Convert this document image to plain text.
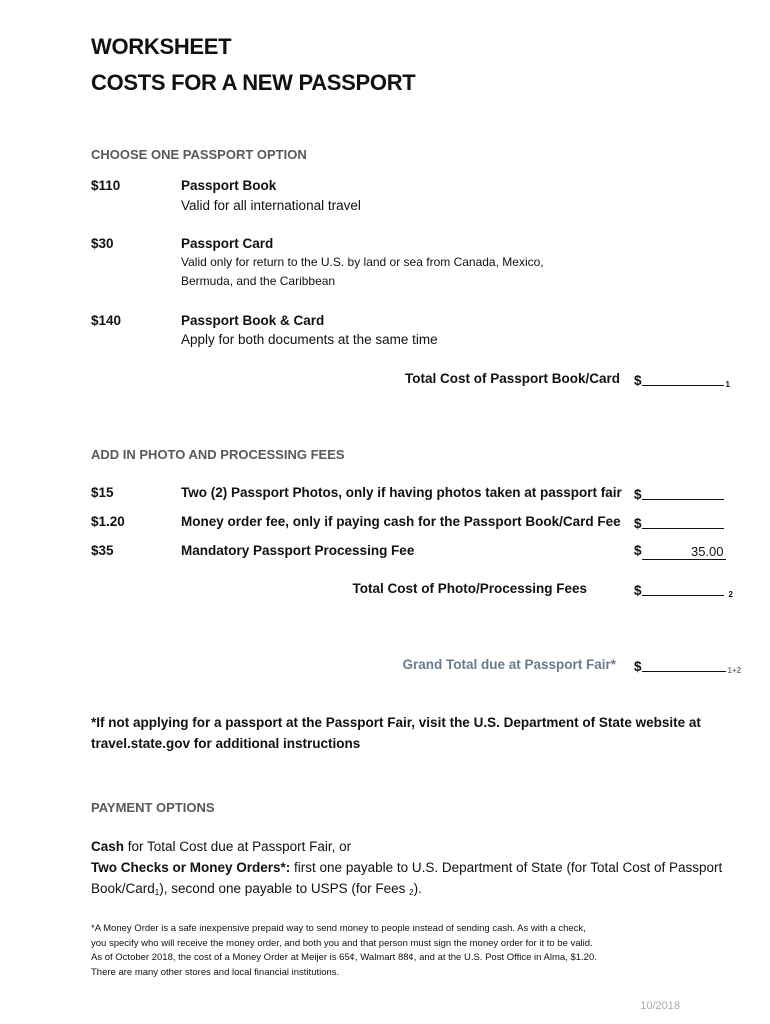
WORKSHEET
COSTS FOR A NEW PASSPORT
CHOOSE ONE PASSPORT OPTION
$110	Passport Book
Valid for all international travel
$30	Passport Card
Valid only for return to the U.S. by land or sea from Canada, Mexico,
Bermuda, and the Caribbean
$140	Passport Book & Card
Apply for both documents at the same time
Total Cost of Passport Book/Card $	$_1$
ADD IN PHOTO AND PROCESSING FEES
$15	Two (2) Passport Photos, only if having photos taken at passport fair $
$1.20	Money order fee, only if paying cash for the Passport Book/Card Fee $
$35	Mandatory Passport Processing Fee	$	35.00
Total Cost of Photo/Processing Fees	$	$_2$
Grand Total due at Passport Fair* $	$_{1+2}$
*If not applying for a passport at the Passport Fair, visit the U.S. Department of State website at
travel.state.gov for additional instructions
PAYMENT OPTIONS
Cash for Total Cost due at Passport Fair, or
Two Checks or Money Orders*: first one payable to U.S. Department of State (for Total Cost of Passport
Book/Card1), second one payable to USPS (for Fees 2).
*A Money Order is a safe inexpensive prepaid way to send money to people instead of sending cash. As with a check,
you specify who will receive the money order, and both you and that person must sign the money order for it to be valid.
As of October 2018, the cost of a Money Order at Meijer is 65¢, Walmart 88¢, and at the U.S. Post Office in Alma, $1.20.
There are many other stores and local financial institutions.
10/2018
